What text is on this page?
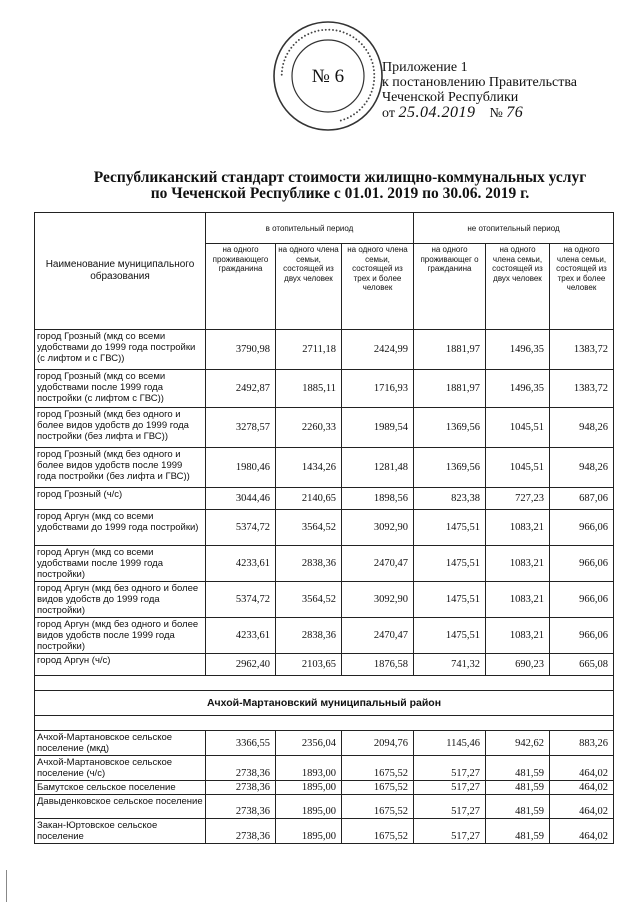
•••••••••••••••••••••••••••••••••••••••••••••••••••••••••
№ 6	Приложение 1
к постановлению Правительства
Чеченской Республики
от 25.04.2019 № 76
Республиканский стандарт стоимости жилищно-коммунальных услуг
по Чеченской Республике с 01.01. 2019 по 30.06. 2019 г.
Наименование муниципального образования	в отопительный период			не отопительный период		
	на одного проживающего гражданина	на одного члена семьи, состоящей из двух человек	на одного члена семьи, состоящей из трех и более человек	на одного проживающег о гражданина	на одного члена семьи, состоящей из двух человек	на одного члена семьи, состоящей из трех и более человек
город Грозный (мкд со всеми удобствами до 1999 года постройки (с лифтом и с ГВС))	3790,98	2711,18	2424,99	1881,97	1496,35	1383,72
город Грозный (мкд со всеми удобствами после 1999 года постройки (с лифтом с ГВС))	2492,87	1885,11	1716,93	1881,97	1496,35	1383,72
город Грозный (мкд без одного и более видов удобств до 1999 года постройки (без лифта и ГВС))	3278,57	2260,33	1989,54	1369,56	1045,51	948,26
город Грозный (мкд без одного и более видов удобств после 1999 года постройки (без лифта и ГВС))	1980,46	1434,26	1281,48	1369,56	1045,51	948,26
город Грозный (ч/с)	3044,46	2140,65	1898,56	823,38	727,23	687,06
город Аргун (мкд со всеми удобствами до 1999 года постройки)	5374,72	3564,52	3092,90	1475,51	1083,21	966,06
город Аргун (мкд со всеми удобствами после 1999 года постройки)	4233,61	2838,36	2470,47	1475,51	1083,21	966,06
город Аргун (мкд без одного и более видов удобств до 1999 года постройки)	5374,72	3564,52	3092,90	1475,51	1083,21	966,06
город Аргун (мкд без одного и более видов удобств после 1999 года постройки)	4233,61	2838,36	2470,47	1475,51	1083,21	966,06
город Аргун (ч/с)	2962,40	2103,65	1876,58	741,32	690,23	665,08

Ачхой-Мартановский муниципальный район						

Ачхой-Мартановское сельское поселение (мкд)	3366,55	2356,04	2094,76	1145,46	942,62	883,26
Ачхой-Мартановское сельское поселение (ч/с)	2738,36	1893,00	1675,52	517,27	481,59	464,02
Бамутское сельское поселение	2738,36	1895,00	1675,52	517,27	481,59	464,02
Давыденковское сельское поселение	2738,36	1895,00	1675,52	517,27	481,59	464,02
Закан-Юртовское сельское поселение	2738,36	1895,00	1675,52	517,27	481,59	464,02
